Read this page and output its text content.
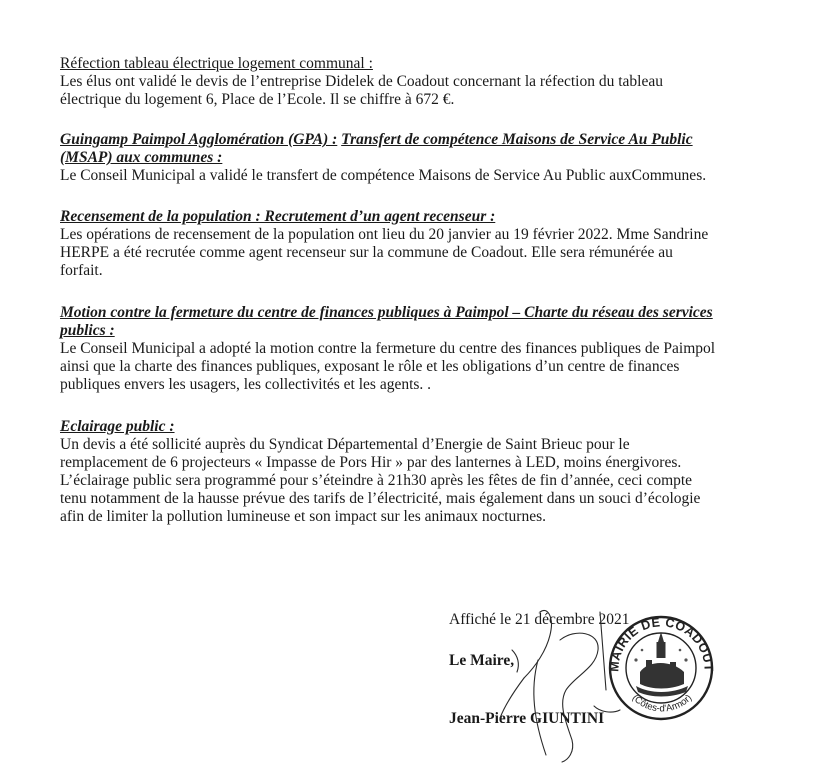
Réfection tableau électrique logement communal :
Les élus ont validé le devis de l’entreprise Didelek de Coadout concernant la réfection du tableau
électrique du logement 6, Place de l’Ecole. Il se chiffre à 672 €.
Guingamp Paimpol Agglomération (GPA) : Transfert de compétence Maisons de Service Au Public
(MSAP) aux communes :
Le Conseil Municipal a validé le transfert de compétence Maisons de Service Au Public auxCommunes.
Recensement de la population : Recrutement d’un agent recenseur :
Les opérations de recensement de la population ont lieu du 20 janvier au 19 février 2022. Mme Sandrine
HERPE a été recrutée comme agent recenseur sur la commune de Coadout. Elle sera rémunérée au
forfait.
Motion contre la fermeture du centre de finances publiques à Paimpol – Charte du réseau des services
publics :
Le Conseil Municipal a adopté la motion contre la fermeture du centre des finances publiques de Paimpol
ainsi que la charte des finances publiques, exposant le rôle et les obligations d’un centre de finances
publiques envers les usagers, les collectivités et les agents. .
Eclairage public :
Un devis a été sollicité auprès du Syndicat Départemental d’Energie de Saint Brieuc pour le
remplacement de 6 projecteurs « Impasse de Pors Hir » par des lanternes à LED, moins énergivores.
L’éclairage public sera programmé pour s’éteindre à 21h30 après les fêtes de fin d’année, ceci compte
tenu notamment de la hausse prévue des tarifs de l’électricité, mais également dans un souci d’écologie
afin de limiter la pollution lumineuse et son impact sur les animaux nocturnes.
Affiché le 21 décembre 2021
Le Maire,
Jean-Pierre GIUNTINI
MAIRIE DE COADOUT
(Côtes-d'Armor)
